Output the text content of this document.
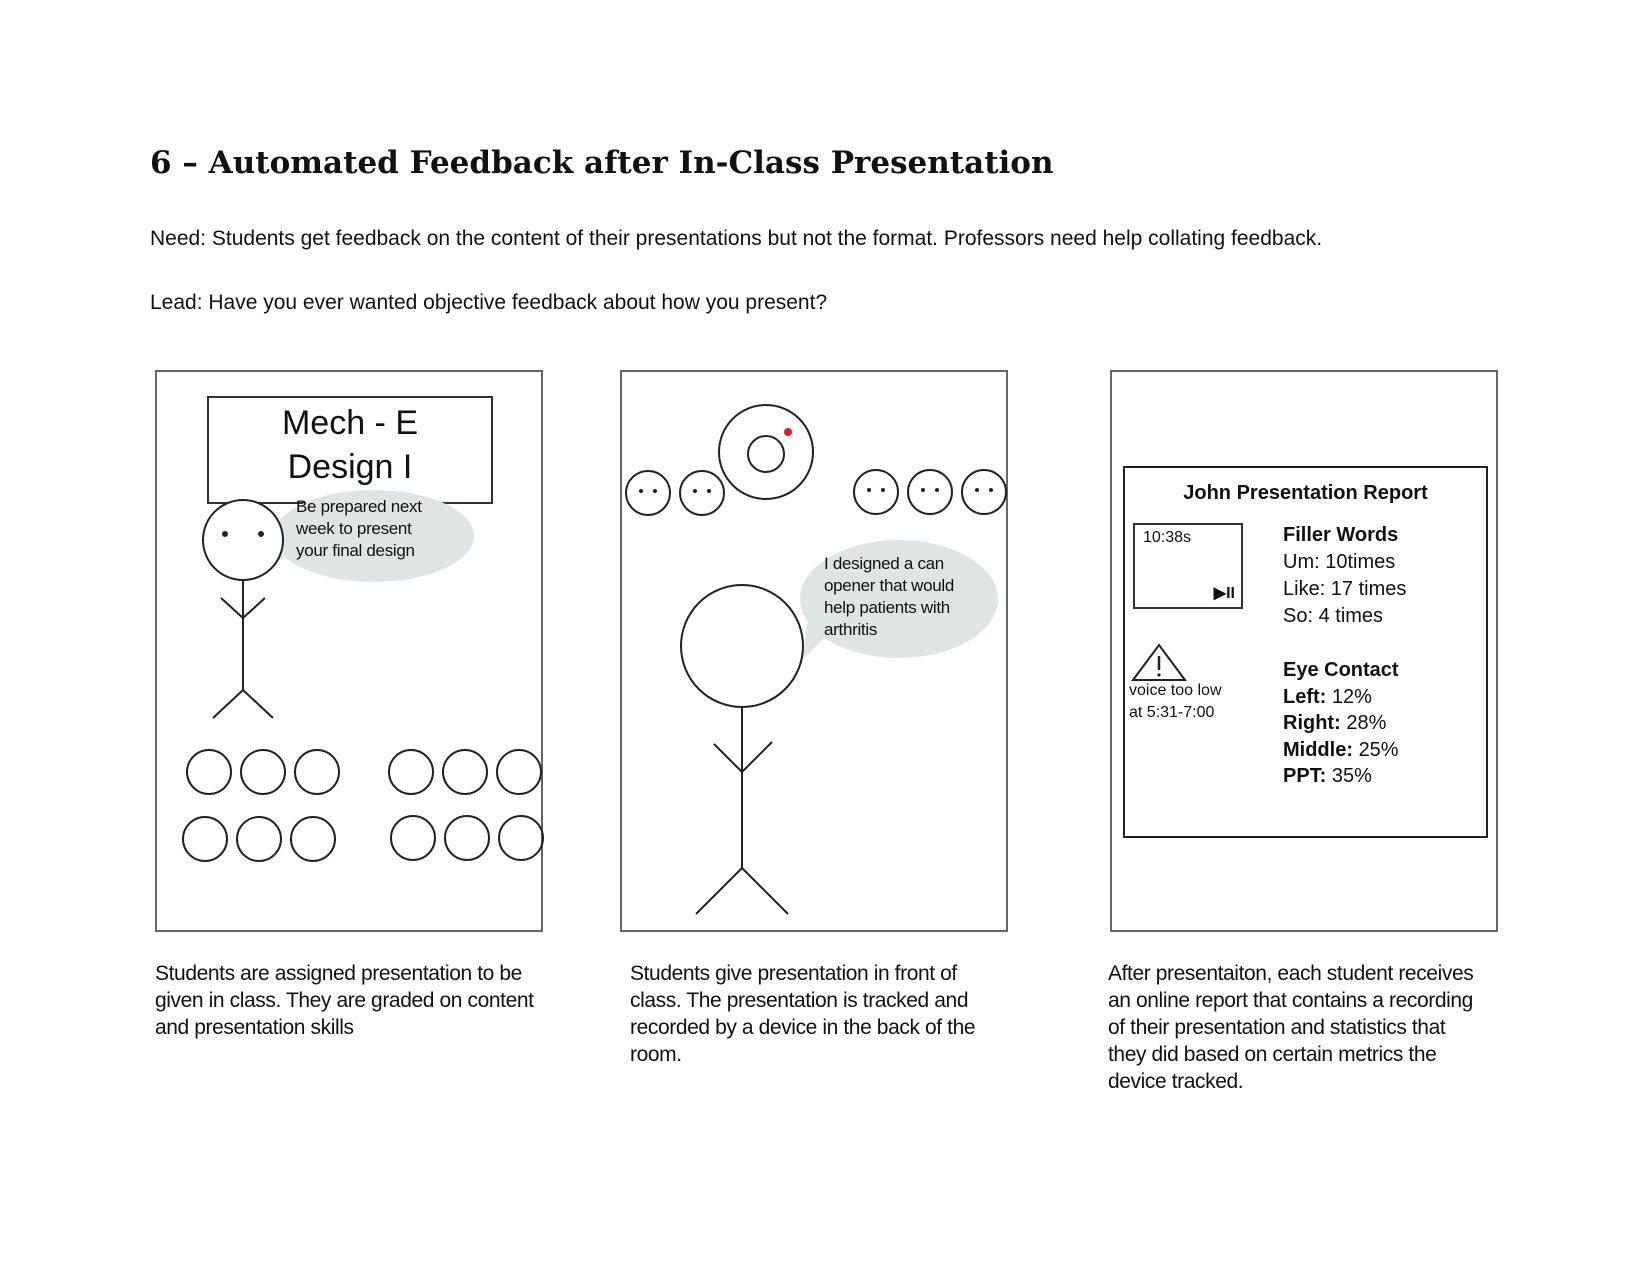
6 – Automated Feedback after In-Class Presentation
Need: Students get feedback on the content of their presentations but not the format. Professors need help collating feedback.
Lead: Have you ever wanted objective feedback about how you present?
Mech - E
Design I
Be prepared next
week to present
your final design
Students are assigned presentation to be
given in class. They are graded on content
and presentation skills
I designed a can
opener that would
help patients with
arthritis
Students give presentation in front of
class. The presentation is tracked and
recorded by a device in the back of the
room.
John Presentation Report
10:38s
▶II
voice too low
at 5:31-7:00
Filler Words
Um: 10times
Like: 17 times
So: 4 times
Eye Contact
Left: 12%
Right: 28%
Middle: 25%
PPT: 35%
After presentaiton, each student receives
an online report that contains a recording
of their presentation and statistics that
they did based on certain metrics the
device tracked.
